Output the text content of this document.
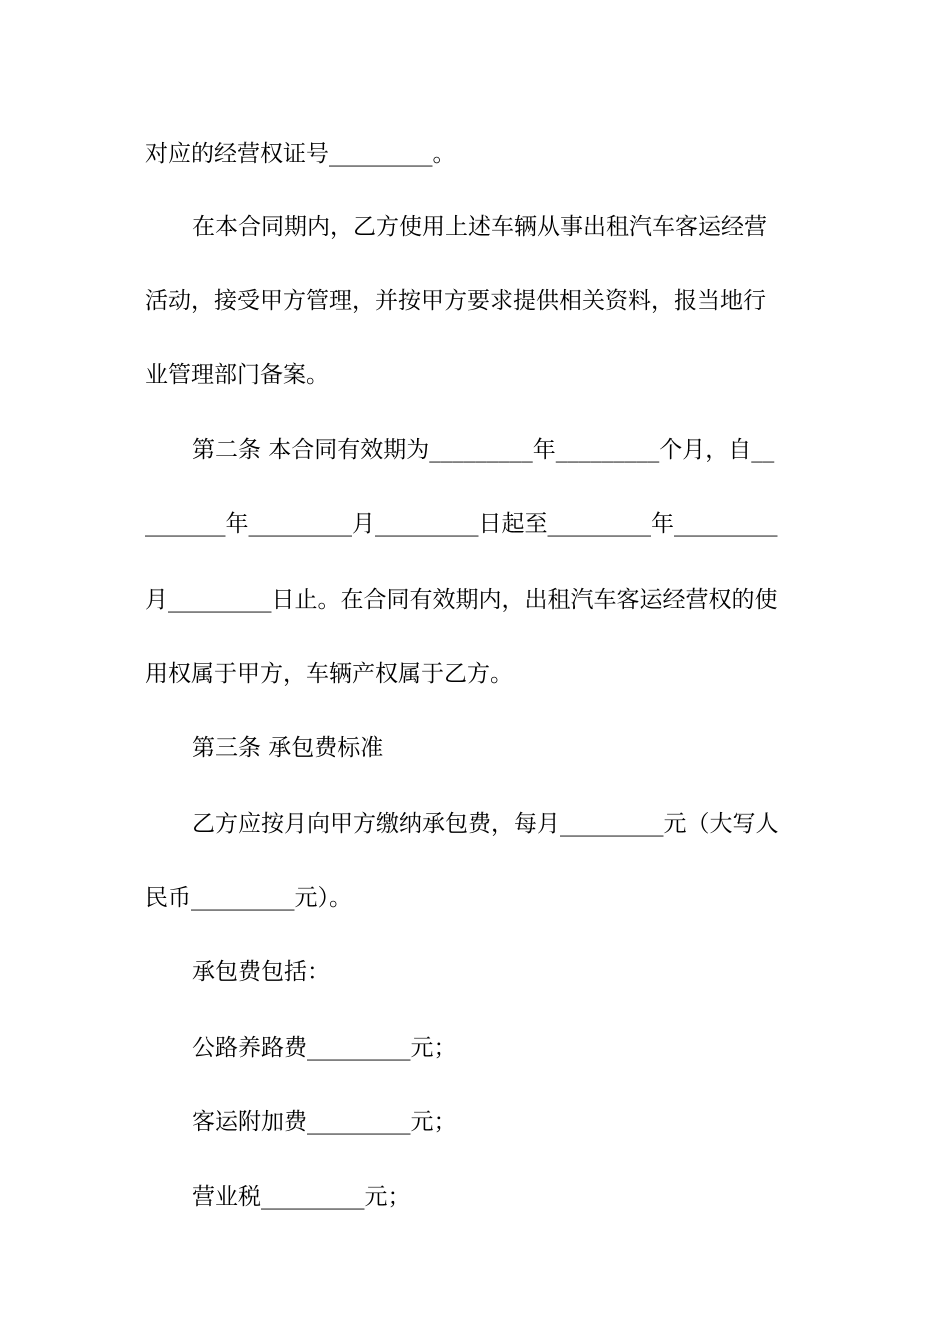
对应的经营权证号_________。
在本合同期内，乙方使用上述车辆从事出租汽车客运经营
活动，接受甲方管理，并按甲方要求提供相关资料，报当地行
业管理部门备案。
第二条 本合同有效期为_________年_________个月，自__
_______年_________月_________日起至_________年_________
月_________日止。在合同有效期内，出租汽车客运经营权的使
用权属于甲方，车辆产权属于乙方。
第三条 承包费标准
乙方应按月向甲方缴纳承包费，每月_________元（大写人
民币_________元）。
承包费包括：
公路养路费_________元；
客运附加费_________元；
营业税_________元；
